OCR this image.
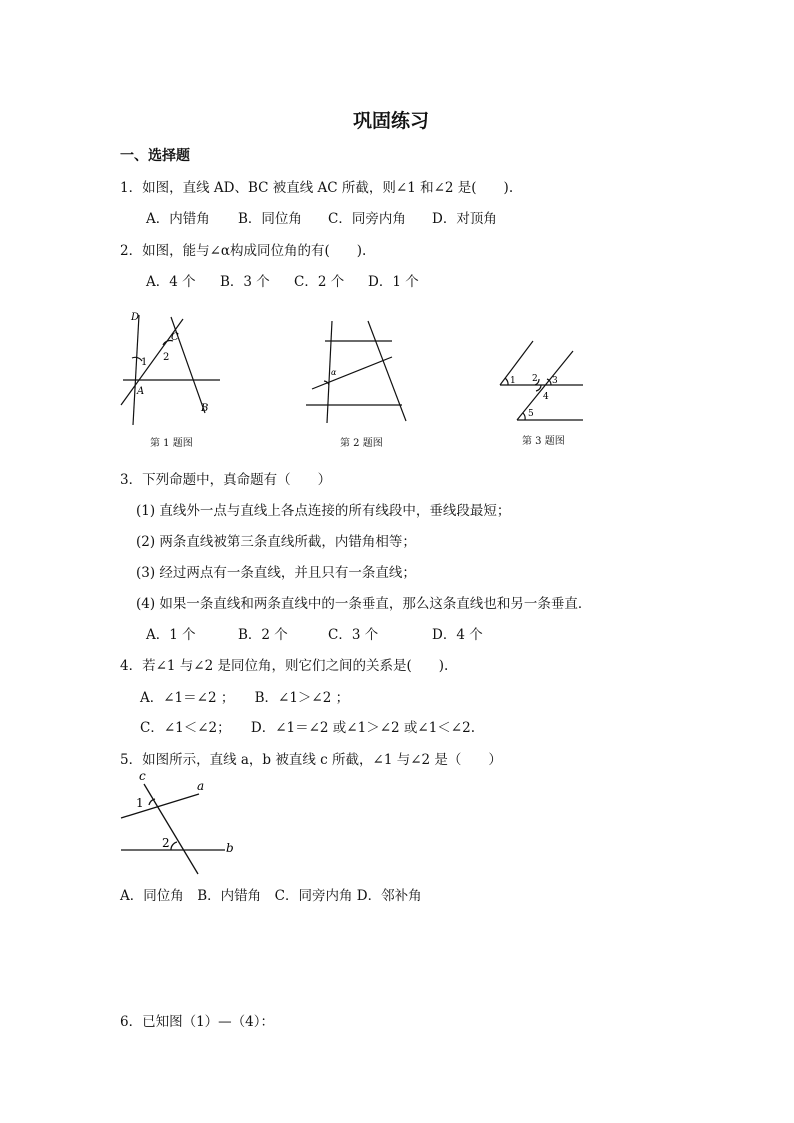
巩固练习
一、选择题
1．如图，直线 AD、BC 被直线 AC 所截，则∠1 和∠2 是(　　).
A．内错角 B．同位角 C．同旁内角 D．对顶角
2．如图，能与∠α构成同位角的有(　　).
A．4 个 B．3 个 C．2 个 D．1 个
D
C
1 2
A
B
第 1 题图
α
第 2 题图
1 2 3
4
5
第 3 题图
3．下列命题中，真命题有（　　）
(1) 直线外一点与直线上各点连接的所有线段中，垂线段最短；
(2) 两条直线被第三条直线所截，内错角相等；
(3) 经过两点有一条直线，并且只有一条直线；
(4) 如果一条直线和两条直线中的一条垂直，那么这条直线也和另一条垂直．
A．1 个	B．2 个	C．3 个	D．4 个
4．若∠1 与∠2 是同位角，则它们之间的关系是(　　).
A．∠1＝∠2 ；　　B．∠1＞∠2 ；
C．∠1＜∠2；　　D．∠1＝∠2 或∠1＞∠2 或∠1＜∠2.
5．如图所示，直线 a，b 被直线 c 所截，∠1 与∠2 是（　　）
c
a
1
2	b
A．同位角　B．内错角　C．同旁内角 D．邻补角
6．已知图（1）—（4）：
